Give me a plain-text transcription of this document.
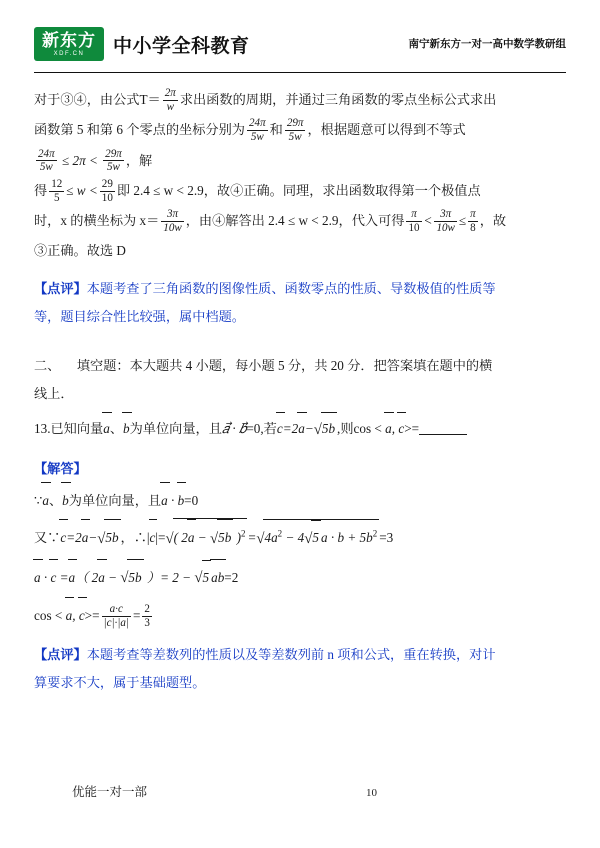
新东方
XDF.CN 中小学全科教育	南宁新东方一对一高中数学教研组

对于③④，由公式$T= \frac{2\pi}{w}$ 求出函数的周期，并通过三角函数的零点坐标公式求出

函数第 5 和第 6 个零点的坐标分别为 $\frac{24\pi}{5w}$ 和 $\frac{29\pi}{5w}$ ，根据题意可以得到不等式

$\frac{24\pi}{5w} \le 2\pi < \frac{29\pi}{5w}$ ，解

得 $\frac{12}{5} \le w < \frac{29}{10}$ 即 2.4 ≤ w < 2.9，故④正确。同理，求出函数取得第一个极值点

时，x 的横坐标为 $x= \frac{3\pi}{10w}$ ，由④解答出 2.4 ≤ w < 2.9，代入可得 $\frac{\pi}{10} < \frac{3\pi}{10w} \le \frac{\pi}{8}$ ，故

③正确。故选 D

【点评】本题考查了三角函数的图像性质、函数零点的性质、导数极值的性质等
等，题目综合性比较强，属中档题。

二、 填空题：本大题共 4 小题，每小题 5 分，共 20 分．把答案填在题中的横
线上．

13.已知向量a、b为单位向量，且𝑎⃗ · 𝑏⃗=0,若c=2a−√5b ,则cos < a, c>=

【解答】

∵a、b为单位向量，且a · b=0

又∵c=2a−√5b ，∴|c|=√( 2a − √5b )$^2 =√4a^2 - 4√5$ $a \cdot b + 5b^2 =3$

a · c =a（ 2a − √5b ）= 2 − √5 ab=2

cos < a, $c>= \frac{a\cdot c}{|c|\cdot|a|} = \frac{2}{3}$

【点评】本题考查等差数列的性质以及等差数列前 n 项和公式，重在转换，对计
算要求不大，属于基础题型。

优能一对一部	10
